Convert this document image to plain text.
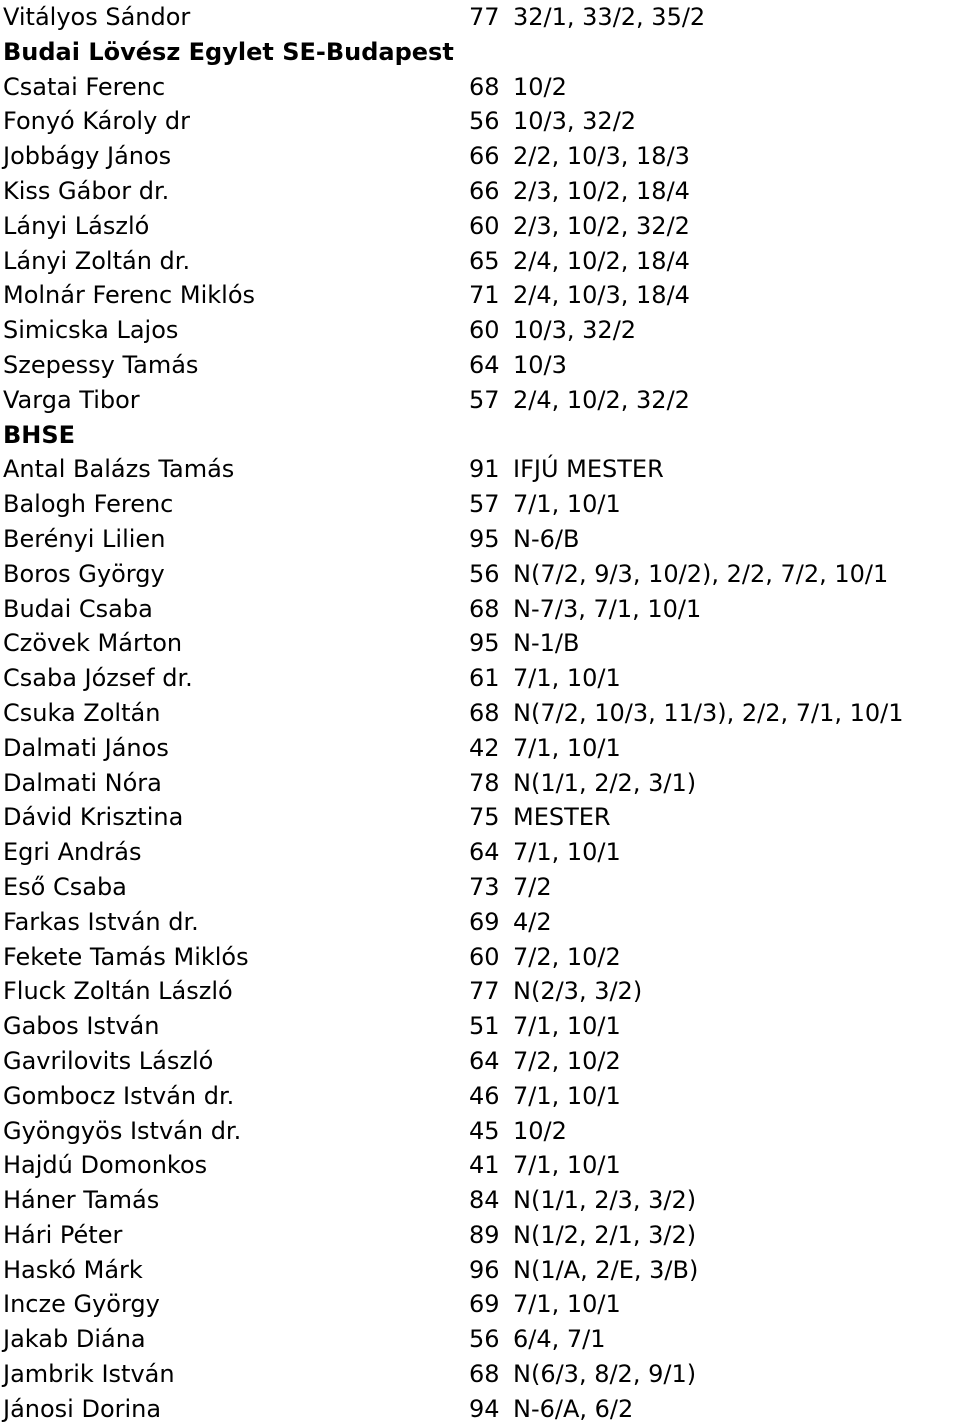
Vitályos Sándor	77 32/1, 33/2, 35/2
Budai Lövész Egylet SE-Budapest
Csatai Ferenc	68 10/2
Fonyó Károly dr	56 10/3, 32/2
Jobbágy János	66 2/2, 10/3, 18/3
Kiss Gábor dr.	66 2/3, 10/2, 18/4
Lányi László	60 2/3, 10/2, 32/2
Lányi Zoltán dr.	65 2/4, 10/2, 18/4
Molnár Ferenc Miklós	71 2/4, 10/3, 18/4
Simicska Lajos	60 10/3, 32/2
Szepessy Tamás	64 10/3
Varga Tibor	57 2/4, 10/2, 32/2
BHSE
Antal Balázs Tamás	91 IFJÚ MESTER
Balogh Ferenc	57 7/1, 10/1
Berényi Lilien	95 N-6/B
Boros György	56 N(7/2, 9/3, 10/2), 2/2, 7/2, 10/1
Budai Csaba	68 N-7/3, 7/1, 10/1
Czövek Márton	95 N-1/B
Csaba József dr.	61 7/1, 10/1
Csuka Zoltán	68 N(7/2, 10/3, 11/3), 2/2, 7/1, 10/1
Dalmati János	42 7/1, 10/1
Dalmati Nóra	78 N(1/1, 2/2, 3/1)
Dávid Krisztina	75 MESTER
Egri András	64 7/1, 10/1
Eső Csaba	73 7/2
Farkas István dr.	69 4/2
Fekete Tamás Miklós	60 7/2, 10/2
Fluck Zoltán László	77 N(2/3, 3/2)
Gabos István	51 7/1, 10/1
Gavrilovits László	64 7/2, 10/2
Gombocz István dr.	46 7/1, 10/1
Gyöngyös István dr.	45 10/2
Hajdú Domonkos	41 7/1, 10/1
Háner Tamás	84 N(1/1, 2/3, 3/2)
Hári Péter	89 N(1/2, 2/1, 3/2)
Haskó Márk	96 N(1/A, 2/E, 3/B)
Incze György	69 7/1, 10/1
Jakab Diána	56 6/4, 7/1
Jambrik István	68 N(6/3, 8/2, 9/1)
Jánosi Dorina	94 N-6/A, 6/2
